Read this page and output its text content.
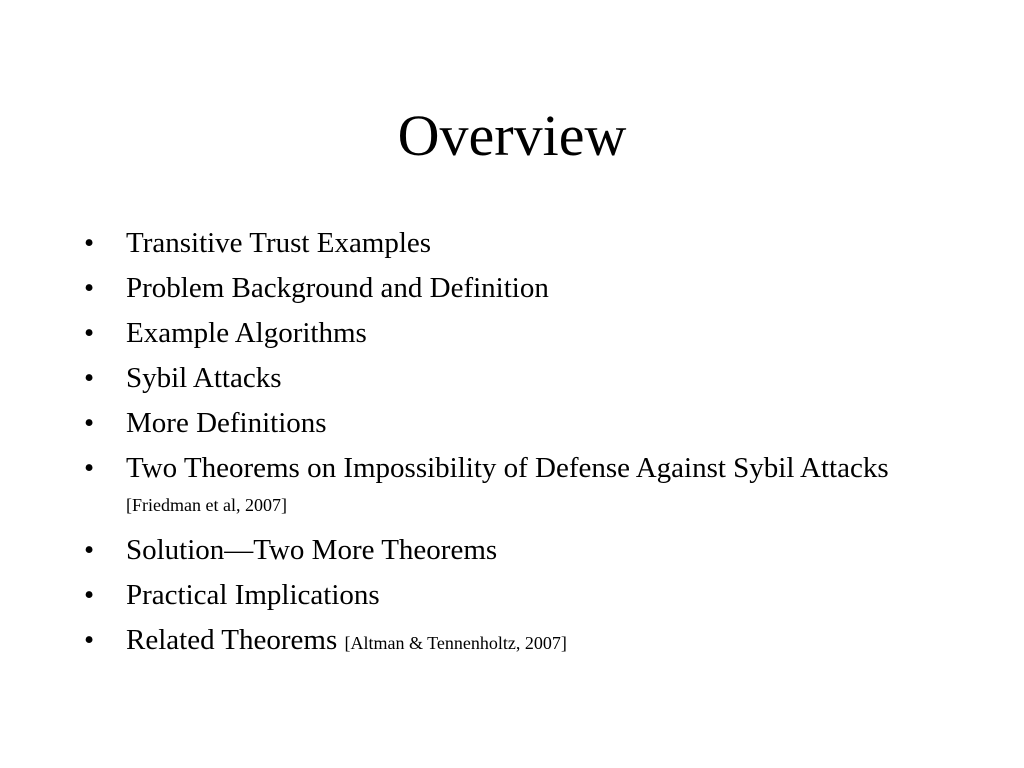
Overview
•	Transitive Trust Examples
•	Problem Background and Definition
•	Example Algorithms
•	Sybil Attacks
•	More Definitions
•	Two Theorems on Impossibility of Defense Against Sybil Attacks [Friedman et al, 2007]
•	Solution—Two More Theorems
•	Practical Implications
•	Related Theorems [Altman & Tennenholtz, 2007]
